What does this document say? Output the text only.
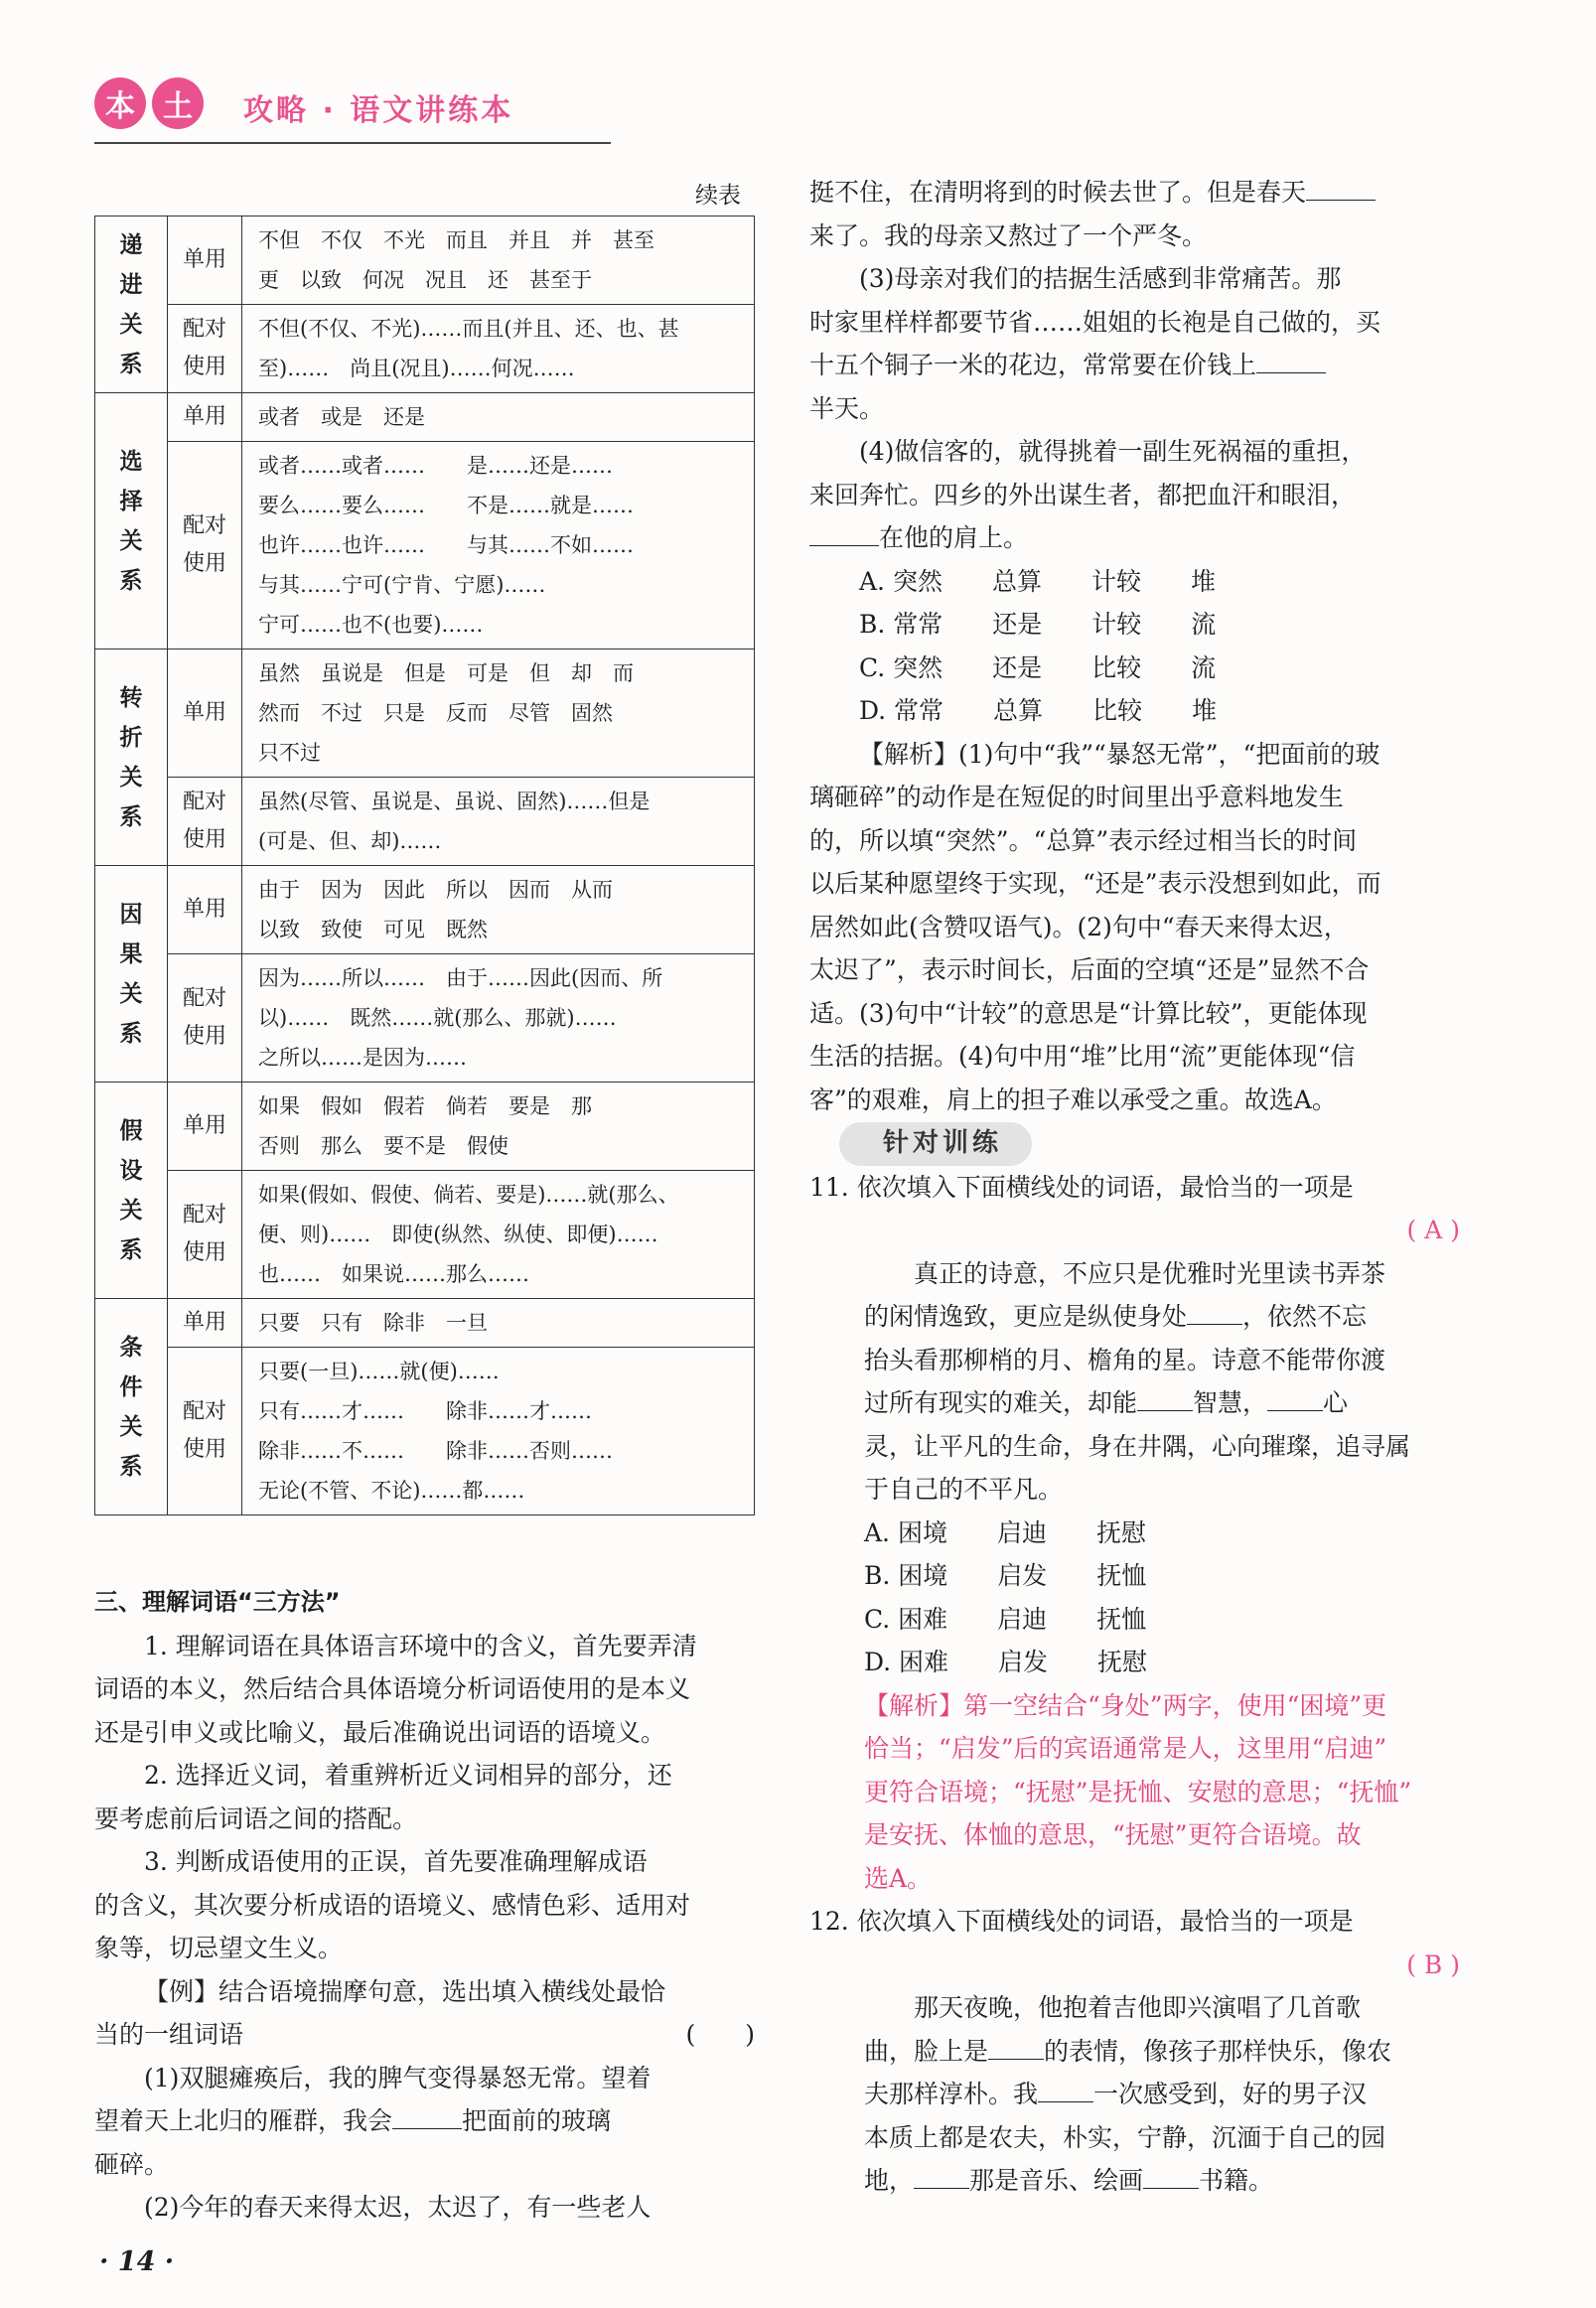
本 土 攻略 · 语文讲练本
续表
递进关系	单用	不但　不仅　不光　而且　并且　并　甚至
更　以致　何况　况且　还　甚至于

	配对使用	不但(不仅、不光)……而且(并且、还、也、甚
至)……　尚且(况且)……何况……

选择关系	单用	或者　或是　还是

	配对使用	或者……或者……　　是……还是……
要么……要么……　　不是……就是……
也许……也许……　　与其……不如……
与其……宁可(宁肯、宁愿)……
宁可……也不(也要)……

转折关系	单用	虽然　虽说是　但是　可是　但　却　而
然而　不过　只是　反而　尽管　固然
只不过

	配对使用	虽然(尽管、虽说是、虽说、固然)……但是
(可是、但、却)……

因果关系	单用	由于　因为　因此　所以　因而　从而
以致　致使　可见　既然

	配对使用	因为……所以……　由于……因此(因而、所
以)……　既然……就(那么、那就)……
之所以……是因为……

假设关系	单用	如果　假如　假若　倘若　要是　那
否则　那么　要不是　假使

	配对使用	如果(假如、假使、倘若、要是)……就(那么、
便、则)……　即使(纵然、纵使、即便)……
也……　如果说……那么……

条件关系	单用	只要　只有　除非　一旦

	配对使用	只要(一旦)……就(便)……
只有……才……　　除非……才……
除非……不……　　除非……否则……
无论(不管、不论)……都……

三、理解词语“三方法”

1. 理解词语在具体语言环境中的含义，首先要弄清

词语的本义，然后结合具体语境分析词语使用的是本义

还是引申义或比喻义，最后准确说出词语的语境义。

2. 选择近义词，着重辨析近义词相异的部分，还

要考虑前后词语之间的搭配。

3. 判断成语使用的正误，首先要准确理解成语

的含义，其次要分析成语的语境义、感情色彩、适用对

象等，切忌望文生义。

【例】结合语境揣摩句意，选出填入横线处最恰

当的一组词语	(　　)

(1)双腿瘫痪后，我的脾气变得暴怒无常。望着

望着天上北归的雁群，我会	把面前的玻璃

砸碎。

(2)今年的春天来得太迟，太迟了，有一些老人

挺不住，在清明将到的时候去世了。但是春天

来了。我的母亲又熬过了一个严冬。

(3)母亲对我们的拮据生活感到非常痛苦。那

时家里样样都要节省……姐姐的长袍是自己做的，买

十五个铜子一米的花边，常常要在价钱上

半天。

(4)做信客的，就得挑着一副生死祸福的重担，

来回奔忙。四乡的外出谋生者，都把血汗和眼泪，

在他的肩上。

A. 突然　　总算　　计较　　堆

B. 常常　　还是　　计较　　流

C. 突然　　还是　　比较　　流

D. 常常　　总算　　比较　　堆

【解析】(1)句中“我”“暴怒无常”，“把面前的玻

璃砸碎”的动作是在短促的时间里出乎意料地发生

的，所以填“突然”。“总算”表示经过相当长的时间

以后某种愿望终于实现，“还是”表示没想到如此，而

居然如此(含赞叹语气)。(2)句中“春天来得太迟，

太迟了”，表示时间长，后面的空填“还是”显然不合

适。(3)句中“计较”的意思是“计算比较”，更能体现

生活的拮据。(4)句中用“堆”比用“流”更能体现“信

客”的艰难，肩上的担子难以承受之重。故选A。

针对训练

11. 依次填入下面横线处的词语，最恰当的一项是

( A )

真正的诗意，不应只是优雅时光里读书弄茶

的闲情逸致，更应是纵使身处 ，依然不忘

抬头看那柳梢的月、檐角的星。诗意不能带你渡

过所有现实的难关，却能 智慧， 心

灵，让平凡的生命，身在井隅，心向璀璨，追寻属

于自己的不平凡。

A. 困境　　启迪　　抚慰

B. 困境　　启发　　抚恤

C. 困难　　启迪　　抚恤

D. 困难　　启发　　抚慰

【解析】第一空结合“身处”两字，使用“困境”更

恰当；“启发”后的宾语通常是人，这里用“启迪”

更符合语境；“抚慰”是抚恤、安慰的意思；“抚恤”

是安抚、体恤的意思，“抚慰”更符合语境。故

选A。

12. 依次填入下面横线处的词语，最恰当的一项是

( B )

那天夜晚，他抱着吉他即兴演唱了几首歌

曲，脸上是 的表情，像孩子那样快乐，像农

夫那样淳朴。我 一次感受到，好的男子汉

本质上都是农夫，朴实，宁静，沉湎于自己的园

地， 那是音乐、绘画 书籍。

· 14 ·
